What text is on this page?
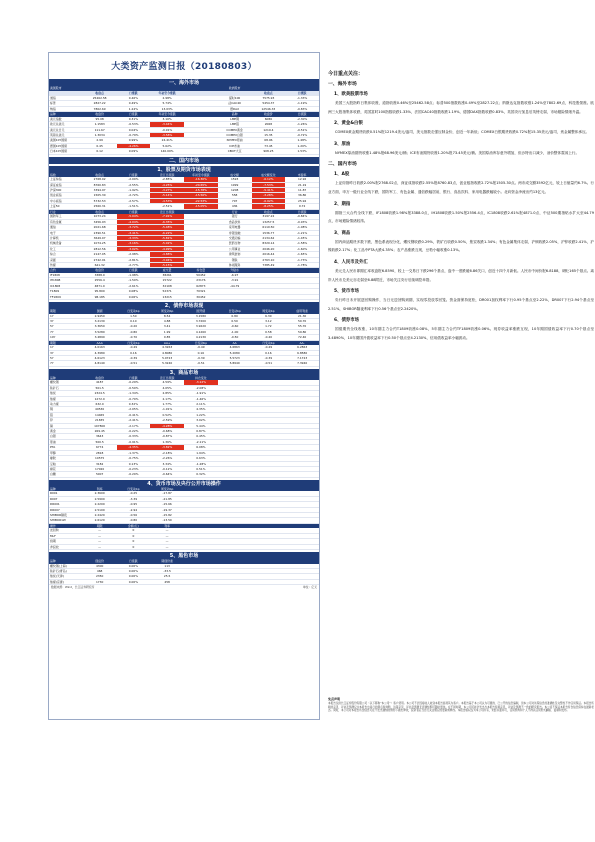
大类资产监测日报（20180803）
一、海外市场
美国股市					欧洲股市		
	收盘点	日涨跌	年初至今涨跌			收盘点	日涨跌
道指	25462.58	0.46%	2.98%		富时100	7575.93	-1.33%
标普	2827.22	0.49%	5.74%		法CAC40	5454.37	-1.19%
纳指	7802.69	1.24%	13.03%		德DAX	12546.33	-0.83%
品种	收盘价	日涨跌	年初至今涨跌		品种	收盘价	日涨跌
美元指数	95.08	0.31%	3.10%		LME铜	6086	-2.30%
欧元兑美元	1.1583	-0.53%	-3.44%		LME铝	2068	-1.26%
美元兑日元	111.67	0.04%	-0.91%		COMEX黄金	1219.4	-0.51%
英镑兑美元	1.3034	-0.79%	-3.58%		COMEX白银	15.35	-0.72%
美国10Y国债	2.99	0.99%	24.41%		NYMEX原油	68.96	1.48%
德国10Y国债	0.45	-4.26%	5.62%		ICE布油	73.45	1.20%
日本10Y国债	0.12	9.09%	140.00%		CBOT大豆	908.25	1.53%
二、国内市场
1、股票及期货市场表现
指数	收盘点	日涨跌	近五日涨跌	年初至今涨跌	成交额	成交额变化	市盈率
上证综指	2768.02	-2.00%	-2.85%	-16.30%	1593	-6.12%	12.92
深证成指	8760.83	-2.55%	-4.25%	-20.65%	1999	-7.53%	21.19
沪深300	3394.97	-1.92%	-3.27%	-15.78%	1208	-5.41%	11.87
创业板指	1505.30	-2.72%	-5.14%	-15.56%	558	-3.28%	36.80
中小板指	5732.53	-2.57%	-4.53%	-22.53%	707	-6.92%	25.94
上证50	2560.31	-1.51%	-2.51%	-15.05%	436	-8.25%	9.72
行业	收盘点	日涨跌	近五日涨跌		行业	收盘点	日涨跌
国防军工	1073.24	-5.04%	-7.91%		银行	3197.22	-0.84%
有色金属	3456.93	-4.04%	-6.35%		食品饮料	13257.5	-0.93%
通信	2021.68	-3.72%	-5.48%		家用电器	6119.50	-1.08%
电子	2390.51	-3.41%	-6.22%		非银金融	1536.77	-1.21%
计算机	3649.07	-3.33%	-5.81%		交通运输	2134.62	-1.45%
机械设备	1074.25	-3.16%	-5.02%		医药生物	8329.14	-1.58%
化工	2812.56	-3.02%	-4.99%		公用事业	2046.20	-1.60%
综合	2147.05	-2.98%	-4.88%		建筑装饰	2016.44	-1.65%
采掘	2742.91	-2.81%	-3.94%		钢铁	2763.10	-1.73%
传媒	641.32	-2.77%	-5.15%		休闲服务	7385.49	-1.78%
合约	收盘价	日涨跌	成交量	持仓量	升贴水		
IF1808	3388.0	-1.98%	38261	50452	-6.97		
IH1808	2556.4	-1.50%	15722	23176	-3.91		
IC1808	4871.0	-2.61%	32108	62873	-44.79		
T1809	95.800	0.08%	52371	70321			
TF1809	98.185	0.06%	13215	30452			
2、债券市场表现
期限	国债	日变动bp	周变动bp	国开债	日变动bp	周变动bp	信用利差
1Y	2.9450	1.50	8.54	3.1580	0.80	6.30	21.30
3Y	3.2130	0.10	4.88	3.7200	0.50	3.12	50.70
5Y	3.3650	-0.20	3.41	3.9220	-0.60	1.72	55.70
7Y	3.5280	-0.80	1.99	4.1260	-1.00	0.58	59.80
10Y	3.4890	-0.70	0.85	4.2130	-0.50	-0.40	72.40
期限	AAA	日变动bp	AA+	日变动bp	AA	日变动bp	AA-
1Y	4.0163	-0.49	4.3263	-0.49	4.6863	-0.49	6.2863
3Y	4.3980	0.16	4.8080	0.16	5.2080	0.16	6.8580
5Y	4.6123	-0.39	5.0723	-0.39	5.5723	-0.39	7.1723
7Y	4.8140	-0.51	5.3240	-0.51	5.8940	-0.51	7.3940
3、商品市场
品种	收盘价	日涨跌	近五日涨跌	持仓变化			
螺纹钢	4187	-0.29%	4.59%	-3.12%			
铁矿石	501.5	-0.50%	4.05%	-2.08%			
焦炭	2324.5	-1.34%	2.85%	-1.91%			
焦煤	1272.0	-0.70%	2.17%	-1.46%			
动力煤	632.0	0.32%	1.77%	2.11%			
铜	49530	-2.05%	-1.91%	4.35%			
铝	14465	-0.41%	0.52%	1.22%			
锌	21835	-2.41%	-2.59%	3.02%			
镍	107800	-2.17%	-4.28%	5.44%			
黄金	269.45	-0.22%	-0.68%	0.87%			
白银	3643	-0.33%	-0.87%	0.45%			
原油	500.5	-0.91%	1.36%	-2.11%			
PTA	6774	-4.35%	-3.82%	6.08%			
甲醇	2818	-1.37%	-2.18%	1.94%			
橡胶	10575	-0.75%	-2.26%	0.63%			
豆粕	3182	0.13%	3.34%	-1.28%			
棉花	17020	-0.23%	-0.12%	0.51%			
白糖	5007	-0.20%	-0.64%	0.32%			
4、货币市场及央行公开市场操作
品种	利率	日变动bp	周变动bp				
R001	2.3600	-0.25	-17.87				
R007	2.5900	-3.39	-21.85				
DR001	2.2200	-0.95	-15.66				
DR007	2.5100	-2.94	-19.37				
SHIBOR隔夜	2.2420	-0.56	-15.82				
SHIBOR1W	2.6120	-0.80	-13.50				
操作	期限	金额(亿)	利率				
逆回购	—	0	—				
MLF	—	0	—				
到期	—	0	—				
净投放	—	0	—				
5、黑色市场
品种	现货价	日涨跌	期现价差				
螺纹钢(上海)	4300	0.00%	113				
铁矿石(青岛)	468	0.00%	-33.5				
焦炭(天津)	2350	0.00%	25.5				
焦煤(京唐)	1730	0.00%	458				
数据来源：Wind，长江证券研究所	单位：亿元
今日重点关注：
一、海外市场
1、欧美股票市场

美国三大股指昨日集体收涨，道指收涨0.46%至25462.58点；标普500指数收涨0.49%至2827.22点；纳斯达克指数收涨1.24%至7802.69点，科技股领涨。欧洲三大股指集体收跌，英国富时100指数收跌1.33%，法国CAC40指数收跌1.19%，德国DAX指数收跌0.83%，英国央行加息后英镑走弱，市场避险情绪升温。

2、黄金&白银

COMEX黄金期货收跌0.51%报1219.4美元/盎司，美元指数走强压制金价，创近一年新低；COMEX白银期货收跌0.72%报15.35美元/盎司，贵金属整体承压。

3、原油

NYMEX原油期货收涨1.48%报68.96美元/桶；ICE布油期货收涨1.20%报73.45美元/桶。美国原油库存意外增加，但沙特出口减少，油价整体震荡上行。

二、国内市场
1、A股

上证综指昨日收跌2.00%报2768.02点，深证成指收跌2.55%报8760.83点，创业板指收跌2.72%报1505.30点。两市成交额3592亿元，较上日缩量约6.7%。行业方面，申万一级行业全线下跌，国防军工、有色金属、通信跌幅居前，银行、食品饮料、家用电器跌幅较小。北向资金净流出约13亿元。

2、期指

期指三大合约全线下跌，IF1808收跌1.98%报3388.0点，IH1808收跌1.50%报2556.4点，IC1808收跌2.61%报4871.0点，中证500期指贴水扩大至44.79点，市场避险情绪较浓。

3、商品

国内商品期货多数下跌，黑色系表现分化，螺纹钢收跌0.29%，铁矿石收跌0.50%，焦炭收跌1.34%；有色金属集体走弱，沪铜收跌2.05%，沪锌收跌2.41%，沪镍收跌2.17%；化工品中PTA大跌4.35%；农产品涨跌互现，豆粕小幅收涨0.13%。

4、人民币及外汇

美元兑人民币即期汇率收盘报6.8590，较上一交易日下跌296个基点，盘中一度跌破6.86关口，创近十四个月新低。人民币中间价报6.8188，调贬165个基点。离岸人民币兑美元亦走弱至6.88附近，市场关注央行后续调控举措。

5、货币市场

央行昨日未开展逆回购操作，当日无逆回购到期，实现零投放零回笼。资金面保持宽松，DR001加权利率下行0.95个基点至2.22%，DR007下行2.94个基点至2.51%，SHIBOR隔夜利率下行0.56个基点至2.2420%。

6、债券市场

国债期货全线收涨，10年期主力合约T1809收涨0.08%，5年期主力合约TF1809收涨0.06%。现券收益率涨跌互现，10年期国债收益率下行0.70个基点至3.4890%，10年期国开债收益率下行0.50个基点至4.2130%，信用债收益率小幅波动。

免责声明
本报告仅供长江证券股份有限公司（以下简称“本公司”）客户使用。本公司不会因接收人收到本报告而视其为客户。本报告基于本公司认为可靠的、已公开的信息编制，但本公司对该等信息的准确性及完整性不作任何保证。本报告所载的意见、评估及预测仅为本报告出具日的观点和判断，该等意见、评估及预测无需通知即可随时更改。在不同时期，本公司可能会发出与本报告所载意见、评估及预测不一致的研究报告。本公司不保证本报告所含信息保持在最新状态。同时，本公司对本报告所含信息可在不发出通知的情形下做出修改，投资者应当自行关注相应的更新或修改。本报告版权仅为本公司所有，未经书面许可，任何机构和个人不得以任何形式翻版、复制和发布。
